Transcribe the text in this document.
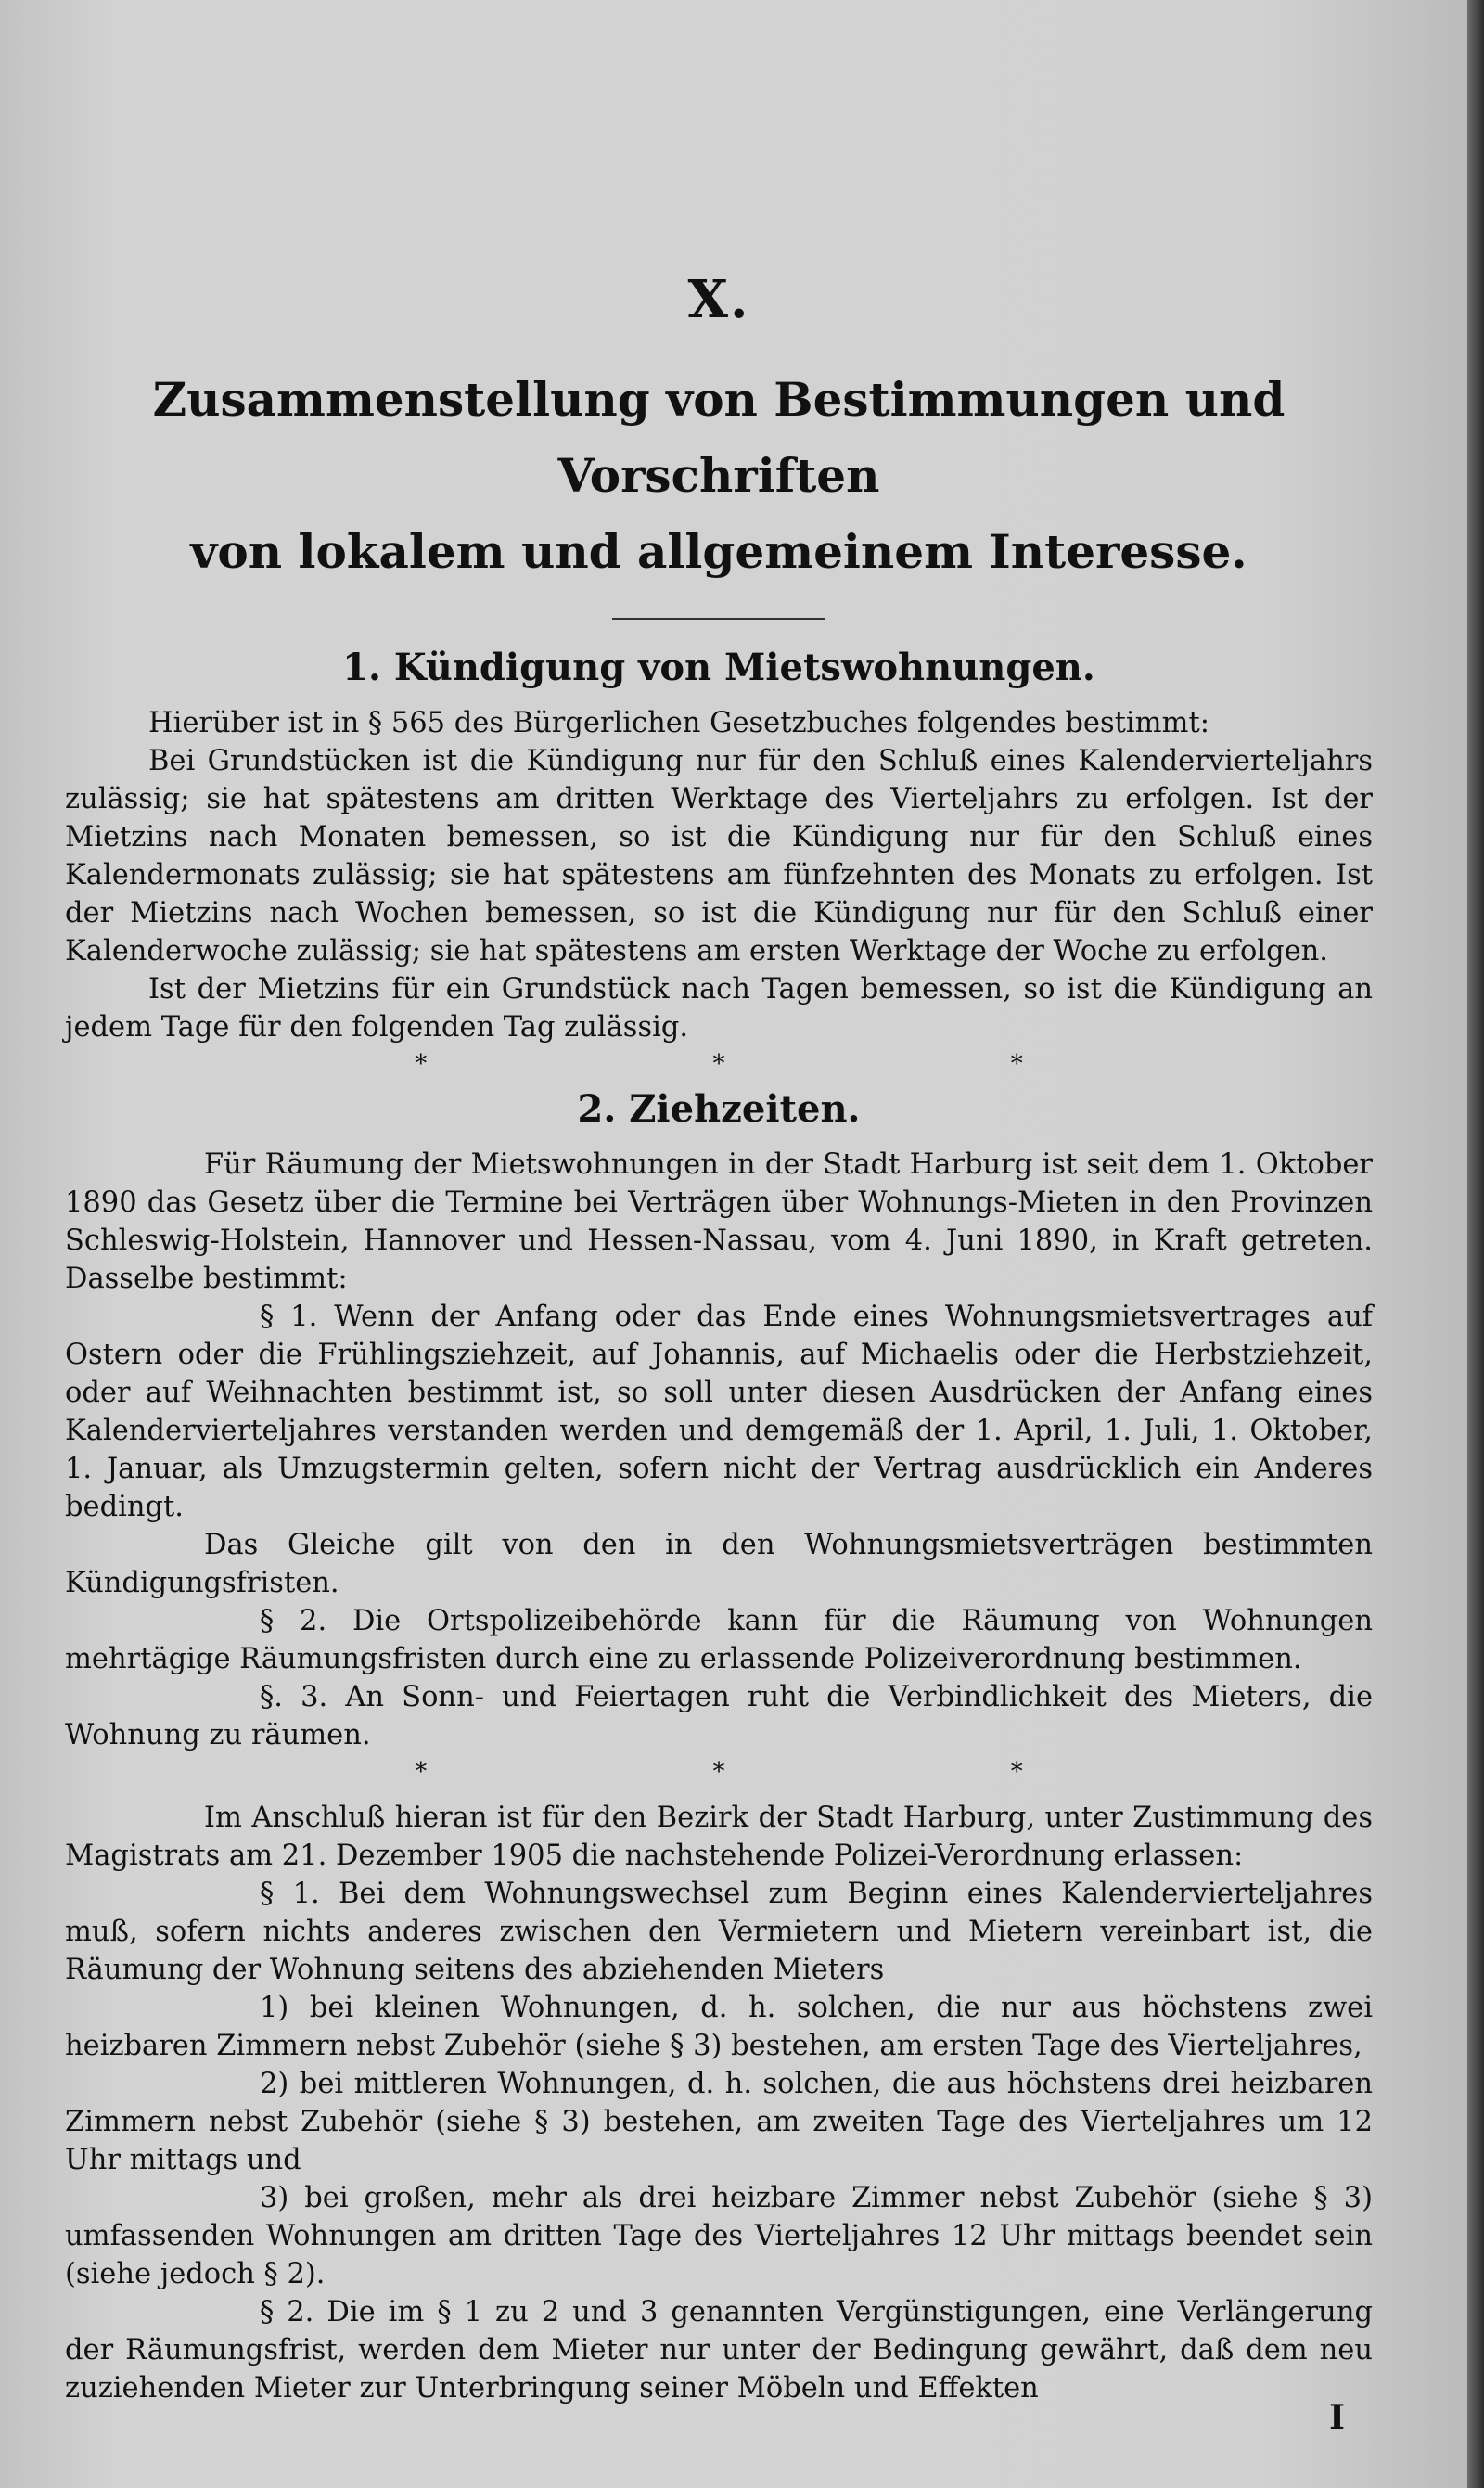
X.
Zusammenstellung von Bestimmungen und Vorschriften
von lokalem und allgemeinem Interesse.
1. Kündigung von Mietswohnungen.

Hierüber ist in § 565 des Bürgerlichen Gesetzbuches folgendes bestimmt:

Bei Grundstücken ist die Kündigung nur für den Schluß eines Kalendervierteljahrs zulässig; sie hat spätestens am dritten Werktage des Vierteljahrs zu erfolgen. Ist der Mietzins nach Monaten bemessen, so ist die Kündigung nur für den Schluß eines Kalendermonats zulässig; sie hat spätestens am fünfzehnten des Monats zu erfolgen. Ist der Mietzins nach Wochen bemessen, so ist die Kündigung nur für den Schluß einer Kalenderwoche zulässig; sie hat spätestens am ersten Werktage der Woche zu erfolgen.

Ist der Mietzins für ein Grundstück nach Tagen bemessen, so ist die Kündigung an jedem Tage für den folgenden Tag zulässig.

* * *
2. Ziehzeiten.

Für Räumung der Mietswohnungen in der Stadt Harburg ist seit dem 1. Oktober 1890 das Gesetz über die Termine bei Verträgen über Wohnungs-Mieten in den Provinzen Schleswig-Holstein, Hannover und Hessen-Nassau, vom 4. Juni 1890, in Kraft getreten. Dasselbe bestimmt:

§ 1. Wenn der Anfang oder das Ende eines Wohnungsmietsvertrages auf Ostern oder die Frühlingsziehzeit, auf Johannis, auf Michaelis oder die Herbstziehzeit, oder auf Weihnachten bestimmt ist, so soll unter diesen Ausdrücken der Anfang eines Kalendervierteljahres verstanden werden und demgemäß der 1. April, 1. Juli, 1. Oktober, 1. Januar, als Umzugstermin gelten, sofern nicht der Vertrag ausdrücklich ein Anderes bedingt.

Das Gleiche gilt von den in den Wohnungsmietsverträgen bestimmten Kündigungsfristen.

§ 2. Die Ortspolizeibehörde kann für die Räumung von Wohnungen mehrtägige Räumungsfristen durch eine zu erlassende Polizeiverordnung bestimmen.

§. 3. An Sonn- und Feiertagen ruht die Verbindlichkeit des Mieters, die Wohnung zu räumen.

* * *

Im Anschluß hieran ist für den Bezirk der Stadt Harburg, unter Zustimmung des Magistrats am 21. Dezember 1905 die nachstehende Polizei-Verordnung erlassen:

§ 1. Bei dem Wohnungswechsel zum Beginn eines Kalendervierteljahres muß, sofern nichts anderes zwischen den Vermietern und Mietern vereinbart ist, die Räumung der Wohnung seitens des abziehenden Mieters

1) bei kleinen Wohnungen, d. h. solchen, die nur aus höchstens zwei heizbaren Zimmern nebst Zubehör (siehe § 3) bestehen, am ersten Tage des Vierteljahres,

2) bei mittleren Wohnungen, d. h. solchen, die aus höchstens drei heizbaren Zimmern nebst Zubehör (siehe § 3) bestehen, am zweiten Tage des Vierteljahres um 12 Uhr mittags und

3) bei großen, mehr als drei heizbare Zimmer nebst Zubehör (siehe § 3) umfassenden Wohnungen am dritten Tage des Vierteljahres 12 Uhr mittags beendet sein (siehe jedoch § 2).

§ 2. Die im § 1 zu 2 und 3 genannten Vergünstigungen, eine Verlängerung der Räumungsfrist, werden dem Mieter nur unter der Bedingung gewährt, daß dem neu zuziehenden Mieter zur Unterbringung seiner Möbeln und Effekten

I
